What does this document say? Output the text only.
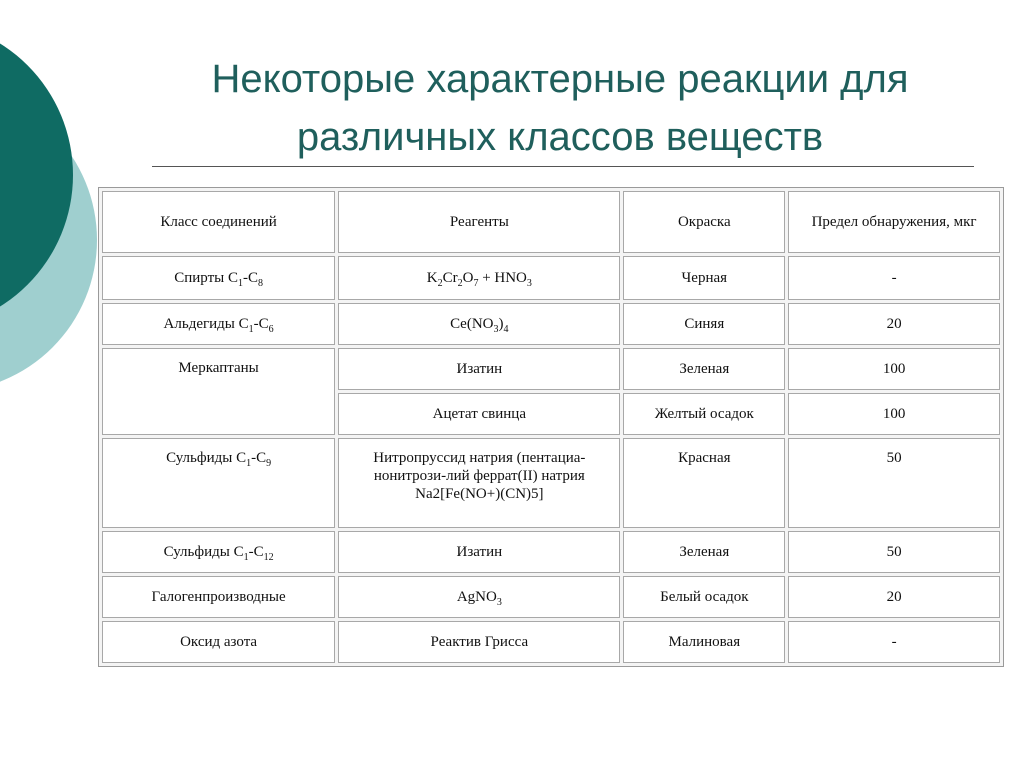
Некоторые характерные реакции для
различных классов веществ
Класс соединений	Реагенты	Окраска	Предел обнаружения, мкг
Спирты $C_1-C_8$	$K_2Cr_2O_7 + HNO_3$	Черная	-
Альдегиды $C_1-C_6$	$Ce(NO_3)_4$	Синяя	20
Меркаптаны	Изатин	Зеленая	100
	Ацетат свинца	Желтый осадок	100
Сульфиды $C_1-C_9$	Нитропруссид натрия (пентациа-
нонитрози-лий феррат(II) натрия
Na2[Fe(NO+)(CN)5]	Красная	50
Сульфиды $C_1-C_{12}$	Изатин	Зеленая	50
Галогенпроизводные	AgNO$_3$	Белый осадок	20
Оксид азота	Реактив Грисса	Малиновая	-
